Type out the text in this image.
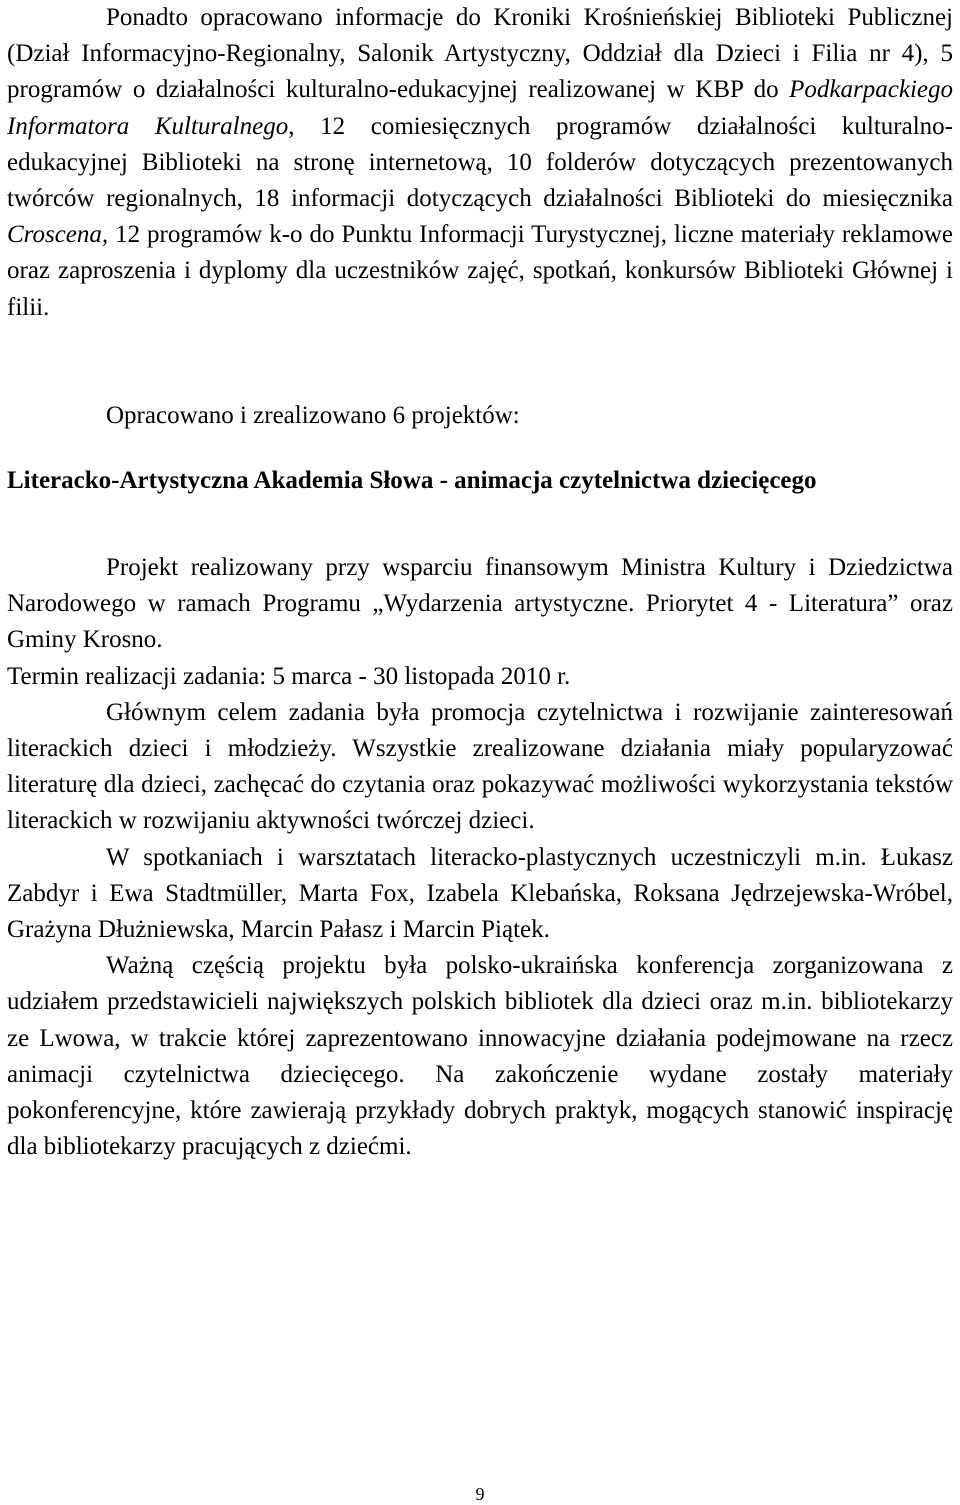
Ponadto opracowano informacje do Kroniki Krośnieńskiej Biblioteki Publicznej (Dział Informacyjno-Regionalny, Salonik Artystyczny, Oddział dla Dzieci i Filia nr 4), 5 programów o działalności kulturalno-edukacyjnej realizowanej w KBP do Podkarpackiego Informatora Kulturalnego, 12 comiesięcznych programów działalności kulturalno-edukacyjnej Biblioteki na stronę internetową, 10 folderów dotyczących prezentowanych twórców regionalnych, 18 informacji dotyczących działalności Biblioteki do miesięcznika Croscena, 12 programów k-o do Punktu Informacji Turystycznej, liczne materiały reklamowe oraz zaproszenia i dyplomy dla uczestników zajęć, spotkań, konkursów Biblioteki Głównej i filii.

Opracowano i zrealizowano 6 projektów:

Literacko-Artystyczna Akademia Słowa - animacja czytelnictwa dziecięcego

Projekt realizowany przy wsparciu finansowym Ministra Kultury i Dziedzictwa Narodowego w ramach Programu „Wydarzenia artystyczne. Priorytet 4 - Literatura” oraz Gminy Krosno.

Termin realizacji zadania: 5 marca - 30 listopada 2010 r.

Głównym celem zadania była promocja czytelnictwa i rozwijanie zainteresowań literackich dzieci i młodzieży. Wszystkie zrealizowane działania miały popularyzować literaturę dla dzieci, zachęcać do czytania oraz pokazywać możliwości wykorzystania tekstów literackich w rozwijaniu aktywności twórczej dzieci.

W spotkaniach i warsztatach literacko-plastycznych uczestniczyli m.in. Łukasz Zabdyr i Ewa Stadtmüller, Marta Fox, Izabela Klebańska, Roksana Jędrzejewska-Wróbel, Grażyna Dłużniewska, Marcin Pałasz i Marcin Piątek.

Ważną częścią projektu była polsko-ukraińska konferencja zorganizowana z udziałem przedstawicieli największych polskich bibliotek dla dzieci oraz m.in. bibliotekarzy ze Lwowa, w trakcie której zaprezentowano innowacyjne działania podejmowane na rzecz animacji czytelnictwa dziecięcego. Na zakończenie wydane zostały materiały pokonferencyjne, które zawierają przykłady dobrych praktyk, mogących stanowić inspirację dla bibliotekarzy pracujących z dziećmi.

9
